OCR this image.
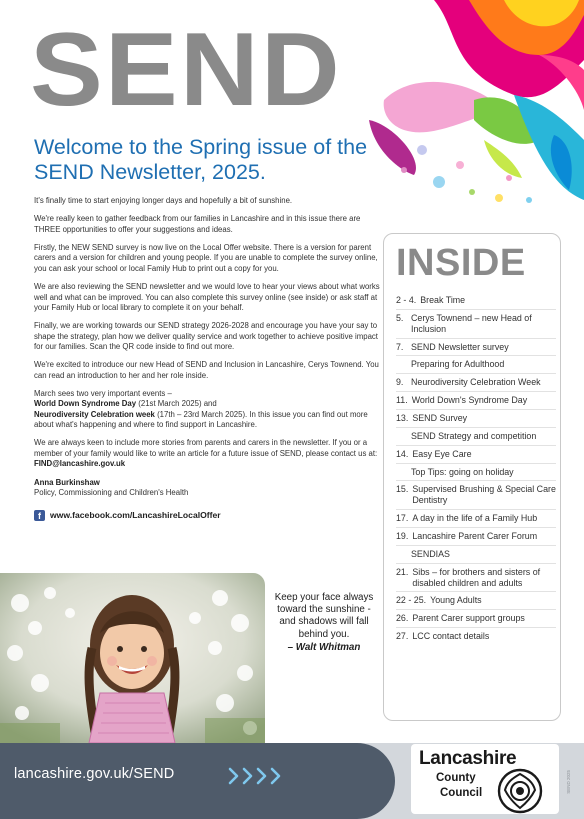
SEND
Welcome to the Spring issue of the
SEND Newsletter, 2025.

It's finally time to start enjoying longer days and hopefully a bit of sunshine.

We're really keen to gather feedback from our families in Lancashire and in this issue there are THREE opportunities to offer your suggestions and ideas.

Firstly, the NEW SEND survey is now live on the Local Offer website. There is a version for parent carers and a version for children and young people. If you are unable to complete the survey online, you can ask your school or local Family Hub to print out a copy for you.

We are also reviewing the SEND newsletter and we would love to hear your views about what works well and what can be improved. You can also complete this survey online (see inside) or ask staff at your Family Hub or local library to complete it on your behalf.

Finally, we are working towards our SEND strategy 2026-2028 and encourage you have your say to shape the strategy, plan how we deliver quality service and work together to achieve positive impact for our families. Scan the QR code inside to find out more.

We're excited to introduce our new Head of SEND and Inclusion in Lancashire, Cerys Townend. You can read an introduction to her and her role inside.

March sees two very important events –

World Down Syndrome Day (21st March 2025) and
Neurodiversity Celebration week (17th – 23rd March 2025). In this issue you can find out more about what's happening and where to find support in Lancashire.

We are always keen to include more stories from parents and carers in the newsletter. If you or a member of your family would like to write an article for a future issue of SEND, please contact us at: FIND@lancashire.gov.uk

Anna Burkinshaw
Policy, Commissioning and Children's Health
f	www.facebook.com/LancashireLocalOffer
INSIDE
2 - 4. Break Time
5. Cerys Townend – new Head of Inclusion
7. SEND Newsletter survey
Preparing for Adulthood
9. Neurodiversity Celebration Week
11. World Down's Syndrome Day
13. SEND Survey
SEND Strategy and competition
14. Easy Eye Care
Top Tips: going on holiday
15. Supervised Brushing & Special Care Dentistry
17. A day in the life of a Family Hub
19. Lancashire Parent Carer Forum
SENDIAS
21. Sibs – for brothers and sisters of disabled children and adults
22 - 25. Young Adults
26. Parent Carer support groups
27. LCC contact details
Keep your face always toward the sunshine - and shadows will fall behind you.
– Walt Whitman
lancashire.gov.uk/SEND
Lancashire
County
Council	SEND 2025
